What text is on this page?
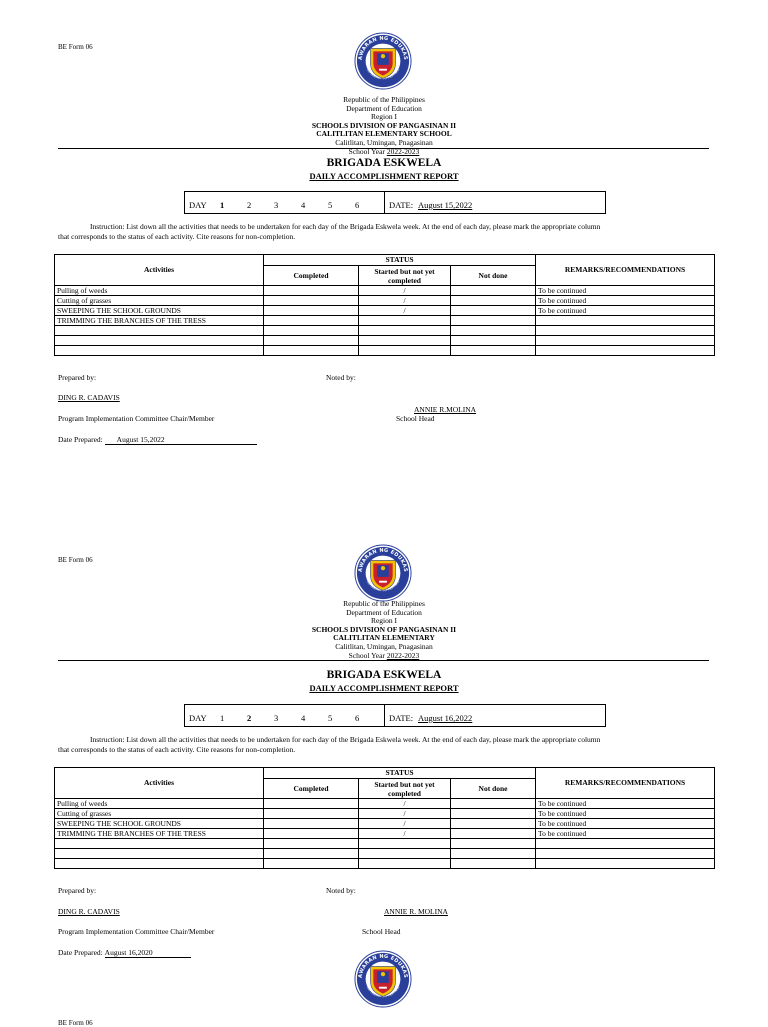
BE Form 06
Republic of the Philippines
Department of Education
Region I
SCHOOLS DIVISION OF PANGASINAN II
CALITLITAN ELEMENTARY SCHOOL
Calitlitan, Umingan, Pnagasinan
School Year 2022-2023
BRIGADA ESKWELA
DAILY ACCOMPLISHMENT REPORT
DAY 1	2	3	4	5	6	DATE: August 15,2022
Instruction: List down all the activities that needs to be undertaken for each day of the Brigada Eskwela week. At the end of each day, please mark the appropriate column
that corresponds to the status of each activity. Cite reasons for non-completion.
Activities	STATUS			REMARKS/RECOMMENDATIONS
	Completed	Started but not yet completed	Not done	
Pulling of weeds		/		To be continued
Cutting of grasses		/		To be continued
SWEEPING THE SCHOOL GROUNDS		/		To be continued
TRIMMING THE BRANCHES OF THE TRESS				

Prepared by:	Noted by:
DING R. CADAVIS
ANNIE R.MOLINA
Program Implementation Committee Chair/Member	School Head
Date Prepared: August 15,2022
BE Form 06
Republic of the Philippines
Department of Education
Region I
SCHOOLS DIVISION OF PANGASINAN II
CALITLITAN ELEMENTARY
Calitlitan, Umingan, Pnagasinan
School Year 2022-2023
BRIGADA ESKWELA
DAILY ACCOMPLISHMENT REPORT
DAY 1	2	3	4	5	6	DATE: August 16,2022
Instruction: List down all the activities that needs to be undertaken for each day of the Brigada Eskwela week. At the end of each day, please mark the appropriate column
that corresponds to the status of each activity. Cite reasons for non-completion.
Activities	STATUS			REMARKS/RECOMMENDATIONS
	Completed	Started but not yet completed	Not done	
Pulling of weeds		/		To be continued
Cutting of grasses		/		To be continued
SWEEPING THE SCHOOL GROUNDS		/		To be continued
TRIMMING THE BRANCHES OF THE TRESS		/		To be continued

Prepared by:	Noted by:
DING R. CADAVIS	ANNIE R. MOLINA
Program Implementation Committee Chair/Member	School Head
Date Prepared: August 16,2020
BE Form 06
